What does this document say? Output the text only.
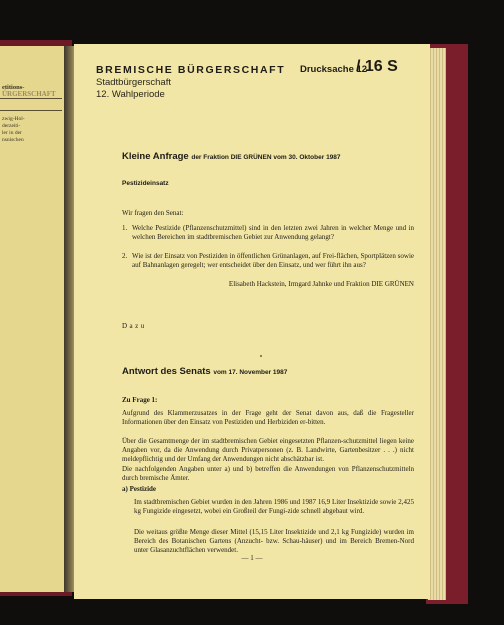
ÜRGERSCHAFT
etitions-
zwig-Hol-
derzeiti-
ler in der
nsnischen
BREMISCHE BÜRGERSCHAFT
Stadtbürgerschaft
12. Wahlperiode
Drucksache 12
/ 16 S
Kleine Anfrage der Fraktion DIE GRÜNEN vom 30. Oktober 1987
Pestizideinsatz
Wir fragen den Senat:
1. Welche Pestizide (Pflanzenschutzmittel) sind in den letzten zwei Jahren in welcher Menge und in welchen Bereichen im stadtbremischen Gebiet zur Anwendung gelangt?
2. Wie ist der Einsatz von Pestiziden in öffentlichen Grünanlagen, auf Frei-flächen, Sportplätzen sowie auf Bahnanlagen geregelt; wer entscheidet über den Einsatz, und wer führt ihn aus?
Elisabeth Hackstein, Irmgard Jahnke und Fraktion DIE GRÜNEN
Dazu
Antwort des Senats vom 17. November 1987
Zu Frage 1:
Aufgrund des Klammerzusatzes in der Frage geht der Senat davon aus, daß die Fragesteller Informationen über den Einsatz von Pestiziden und Herbiziden er-bitten.
Über die Gesamtmenge der im stadtbremischen Gebiet eingesetzten Pflanzen-schutzmittel liegen keine Angaben vor, da die Anwendung durch Privatpersonen (z. B. Landwirte, Gartenbesitzer . . .) nicht meldepflichtig und der Umfang der Anwendungen nicht abschätzbar ist.
Die nachfolgenden Angaben unter a) und b) betreffen die Anwendungen von Pflanzenschutzmitteln durch bremische Ämter.
a) Pestizide
Im stadtbremischen Gebiet wurden in den Jahren 1986 und 1987 16,9 Liter Insektizide sowie 2,425 kg Fungizide eingesetzt, wobei ein Großteil der Fungi-zide schnell abgebaut wird.
Die weitaus größte Menge dieser Mittel (15,15 Liter Insektizide und 2,1 kg Fungizide) wurden im Bereich des Botanischen Gartens (Anzucht- bzw. Schau-häuser) und im Bereich Bremen-Nord unter Glasanzuchtflächen verwendet.
— 1 —
